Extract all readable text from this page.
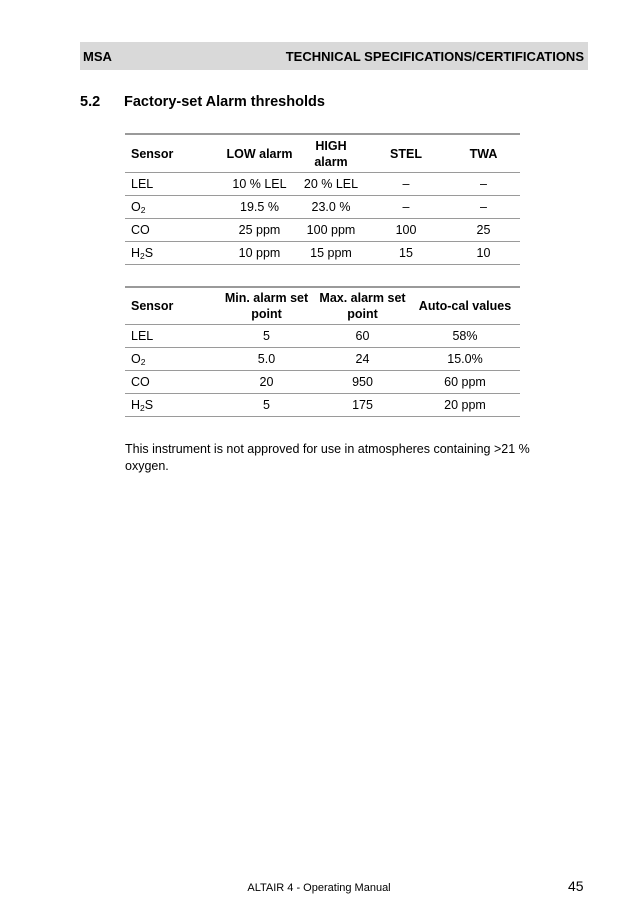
MSA	TECHNICAL SPECIFICATIONS/CERTIFICATIONS
5.2	Factory-set Alarm thresholds
Sensor	LOW alarm	HIGH alarm	STEL	TWA
LEL	10 % LEL	20 % LEL	–	–
$O_2$	19.5 %	23.0 %	–	–
CO	25 ppm	100 ppm	100	25
$H_2S$	10 ppm	15 ppm	15	10
Sensor	Min. alarm set point	Max. alarm set point	Auto-cal values
LEL	5	60	58%
$O_2$	5.0	24	15.0%
CO	20	950	60 ppm
$H_2S$	5	175	20 ppm
This instrument is not approved for use in atmospheres containing >21 % oxygen.
ALTAIR 4 - Operating Manual	45
